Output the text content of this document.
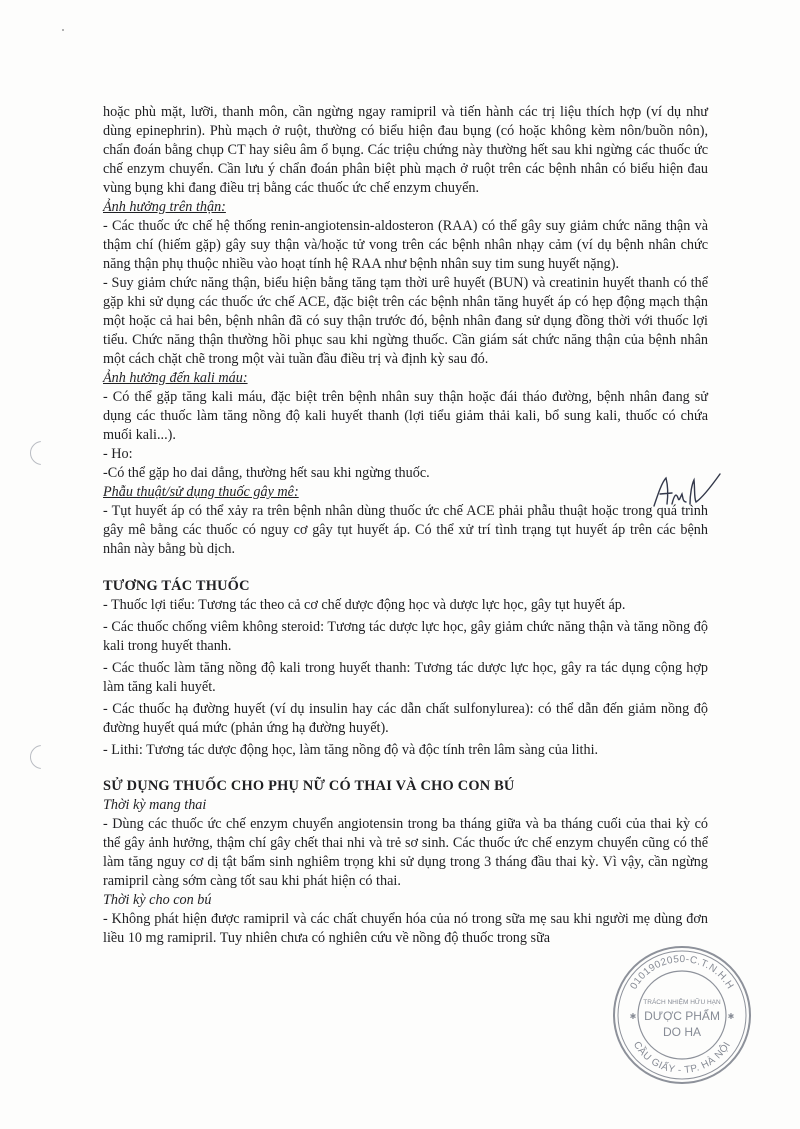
hoặc phù mặt, lưỡi, thanh môn, cần ngừng ngay ramipril và tiến hành các trị liệu thích hợp (ví dụ như dùng epinephrin). Phù mạch ở ruột, thường có biểu hiện đau bụng (có hoặc không kèm nôn/buồn nôn), chẩn đoán bằng chụp CT hay siêu âm ổ bụng. Các triệu chứng này thường hết sau khi ngừng các thuốc ức chế enzym chuyển. Cần lưu ý chẩn đoán phân biệt phù mạch ở ruột trên các bệnh nhân có biểu hiện đau vùng bụng khi đang điều trị bằng các thuốc ức chế enzym chuyển.

Ảnh hưởng trên thận:

- Các thuốc ức chế hệ thống renin-angiotensin-aldosteron (RAA) có thể gây suy giảm chức năng thận và thậm chí (hiếm gặp) gây suy thận và/hoặc tử vong trên các bệnh nhân nhạy cảm (ví dụ bệnh nhân chức năng thận phụ thuộc nhiều vào hoạt tính hệ RAA như bệnh nhân suy tim sung huyết nặng).

- Suy giảm chức năng thận, biểu hiện bằng tăng tạm thời urê huyết (BUN) và creatinin huyết thanh có thể gặp khi sử dụng các thuốc ức chế ACE, đặc biệt trên các bệnh nhân tăng huyết áp có hẹp động mạch thận một hoặc cả hai bên, bệnh nhân đã có suy thận trước đó, bệnh nhân đang sử dụng đồng thời với thuốc lợi tiểu. Chức năng thận thường hồi phục sau khi ngừng thuốc. Cần giám sát chức năng thận của bệnh nhân một cách chặt chẽ trong một vài tuần đầu điều trị và định kỳ sau đó.

Ảnh hưởng đến kali máu:

- Có thể gặp tăng kali máu, đặc biệt trên bệnh nhân suy thận hoặc đái tháo đường, bệnh nhân đang sử dụng các thuốc làm tăng nồng độ kali huyết thanh (lợi tiểu giảm thải kali, bổ sung kali, thuốc có chứa muối kali...).

- Ho:

-Có thể gặp ho dai dẳng, thường hết sau khi ngừng thuốc.

Phẫu thuật/sử dụng thuốc gây mê:

- Tụt huyết áp có thể xảy ra trên bệnh nhân dùng thuốc ức chế ACE phải phẫu thuật hoặc trong quá trình gây mê bằng các thuốc có nguy cơ gây tụt huyết áp. Có thể xử trí tình trạng tụt huyết áp trên các bệnh nhân này bằng bù dịch.

TƯƠNG TÁC THUỐC

- Thuốc lợi tiểu: Tương tác theo cả cơ chế dược động học và dược lực học, gây tụt huyết áp.

- Các thuốc chống viêm không steroid: Tương tác dược lực học, gây giảm chức năng thận và tăng nồng độ kali trong huyết thanh.

- Các thuốc làm tăng nồng độ kali trong huyết thanh: Tương tác dược lực học, gây ra tác dụng cộng hợp làm tăng kali huyết.

- Các thuốc hạ đường huyết (ví dụ insulin hay các dẫn chất sulfonylurea): có thể dẫn đến giảm nồng độ đường huyết quá mức (phản ứng hạ đường huyết).

- Lithi: Tương tác dược động học, làm tăng nồng độ và độc tính trên lâm sàng của lithi.

SỬ DỤNG THUỐC CHO PHỤ NỮ CÓ THAI VÀ CHO CON BÚ

Thời kỳ mang thai

- Dùng các thuốc ức chế enzym chuyển angiotensin trong ba tháng giữa và ba tháng cuối của thai kỳ có thể gây ảnh hưởng, thậm chí gây chết thai nhi và trẻ sơ sinh. Các thuốc ức chế enzym chuyển cũng có thể làm tăng nguy cơ dị tật bẩm sinh nghiêm trọng khi sử dụng trong 3 tháng đầu thai kỳ. Vì vậy, cần ngừng ramipril càng sớm càng tốt sau khi phát hiện có thai.

Thời kỳ cho con bú

- Không phát hiện được ramipril và các chất chuyển hóa của nó trong sữa mẹ sau khi người mẹ dùng đơn liều 10 mg ramipril. Tuy nhiên chưa có nghiên cứu về nồng độ thuốc trong sữa

0101902050-C.T.N.H.H
CẦU GIẤY - TP. HÀ NỘI
TRÁCH NHIỆM HỮU HẠN
DƯỢC PHẨM
DO HA
✱	✱
